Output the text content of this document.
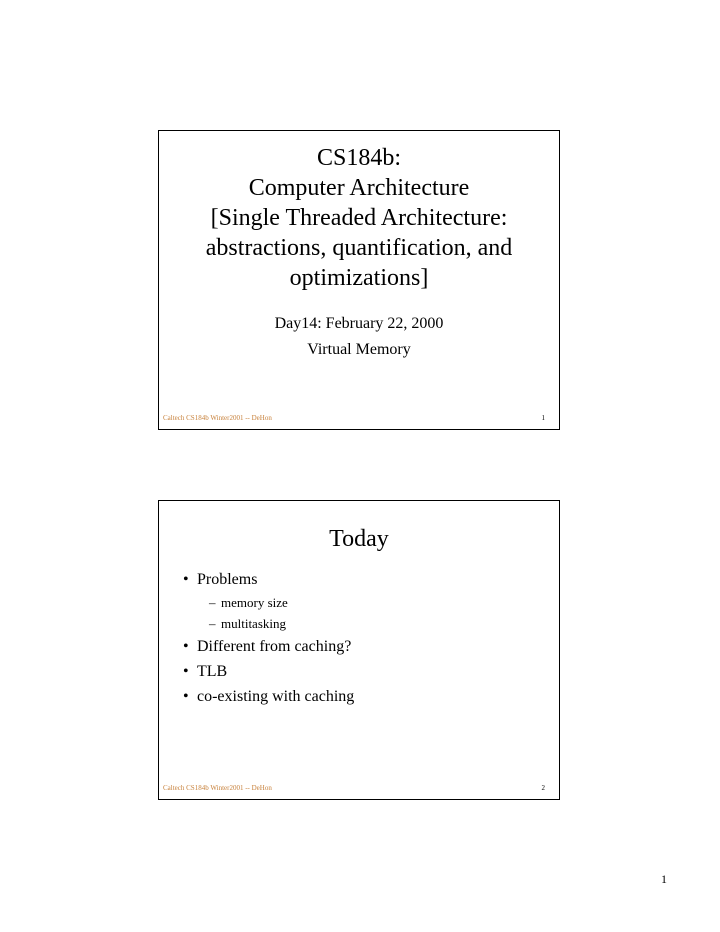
CS184b:
Computer Architecture
[Single Threaded Architecture:
abstractions, quantification, and
optimizations]
Day14: February 22, 2000
Virtual Memory
Caltech CS184b Winter2001 -- DeHon	1
Today
• Problems
– memory size
– multitasking
• Different from caching?
• TLB
• co-existing with caching
Caltech CS184b Winter2001 -- DeHon	2
1
